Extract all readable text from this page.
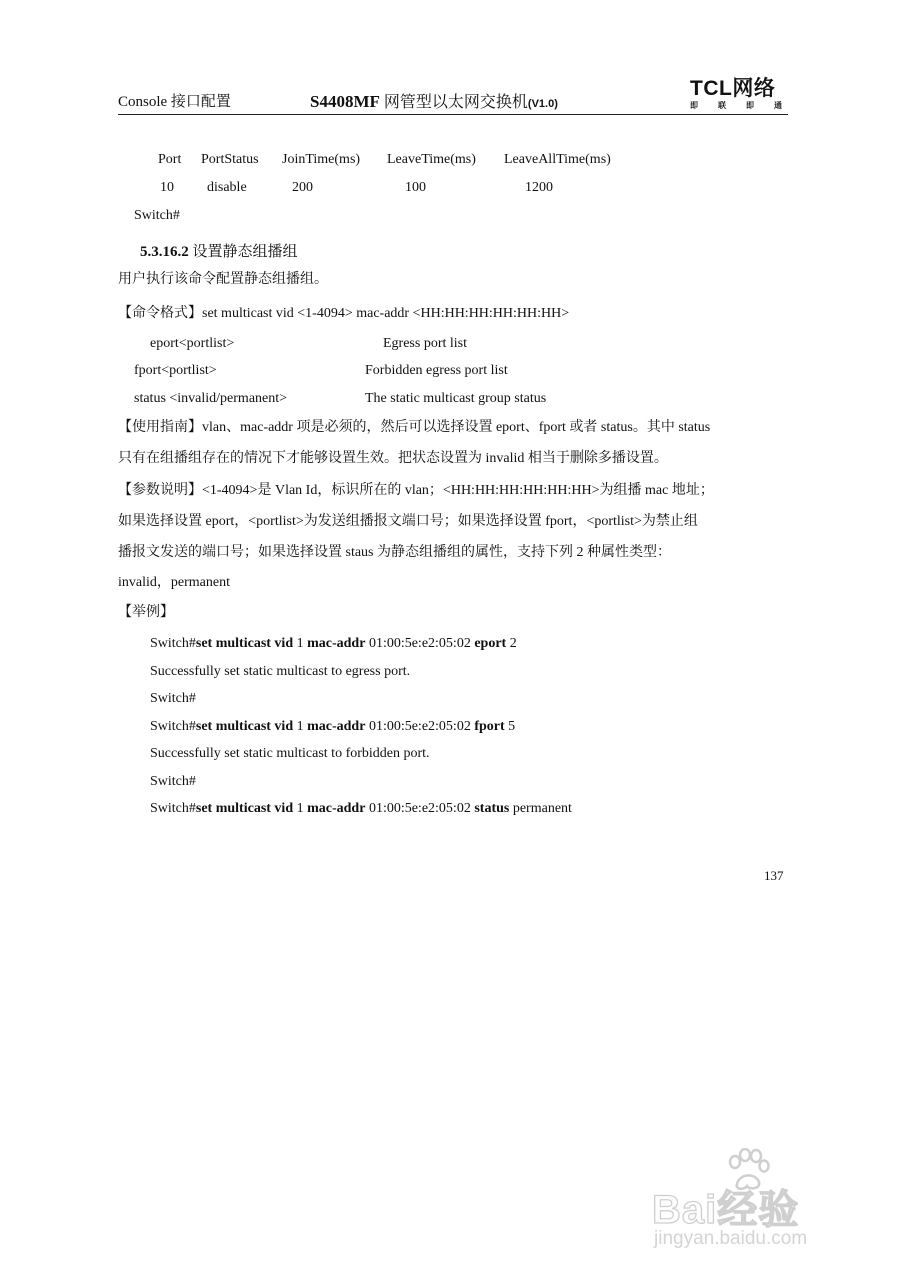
Console 接口配置	S4408MF 网管型以太网交换机(V1.0)
TCL网络
即	联	即	通
Port PortStatus JoinTime(ms) LeaveTime(ms) LeaveAllTime(ms)
10 disable	200	100	1200
Switch#
5.3.16.2 设置静态组播组
用户执行该命令配置静态组播组。
【命令格式】set multicast vid <1-4094> mac-addr <HH:HH:HH:HH:HH:HH>
eport<portlist>	Egress port list
fport<portlist>	Forbidden egress port list
status <invalid/permanent>	The static multicast group status
【使用指南】vlan、mac-addr 项是必须的，然后可以选择设置 eport、fport 或者 status。其中 status
只有在组播组存在的情况下才能够设置生效。把状态设置为 invalid 相当于删除多播设置。
【参数说明】<1-4094>是 Vlan Id，标识所在的 vlan；<HH:HH:HH:HH:HH:HH>为组播 mac 地址；
如果选择设置 eport，<portlist>为发送组播报文端口号；如果选择设置 fport，<portlist>为禁止组
播报文发送的端口号；如果选择设置 staus 为静态组播组的属性，支持下列 2 种属性类型：
invalid，permanent
【举例】
Switch#set multicast vid 1 mac-addr 01:00:5e:e2:05:02 eport 2
Successfully set static multicast to egress port.
Switch#
Switch#set multicast vid 1 mac-addr 01:00:5e:e2:05:02 fport 5
Successfully set static multicast to forbidden port.
Switch#
Switch#set multicast vid 1 mac-addr 01:00:5e:e2:05:02 status permanent
137
Bai经验
jingyan.baidu.com
